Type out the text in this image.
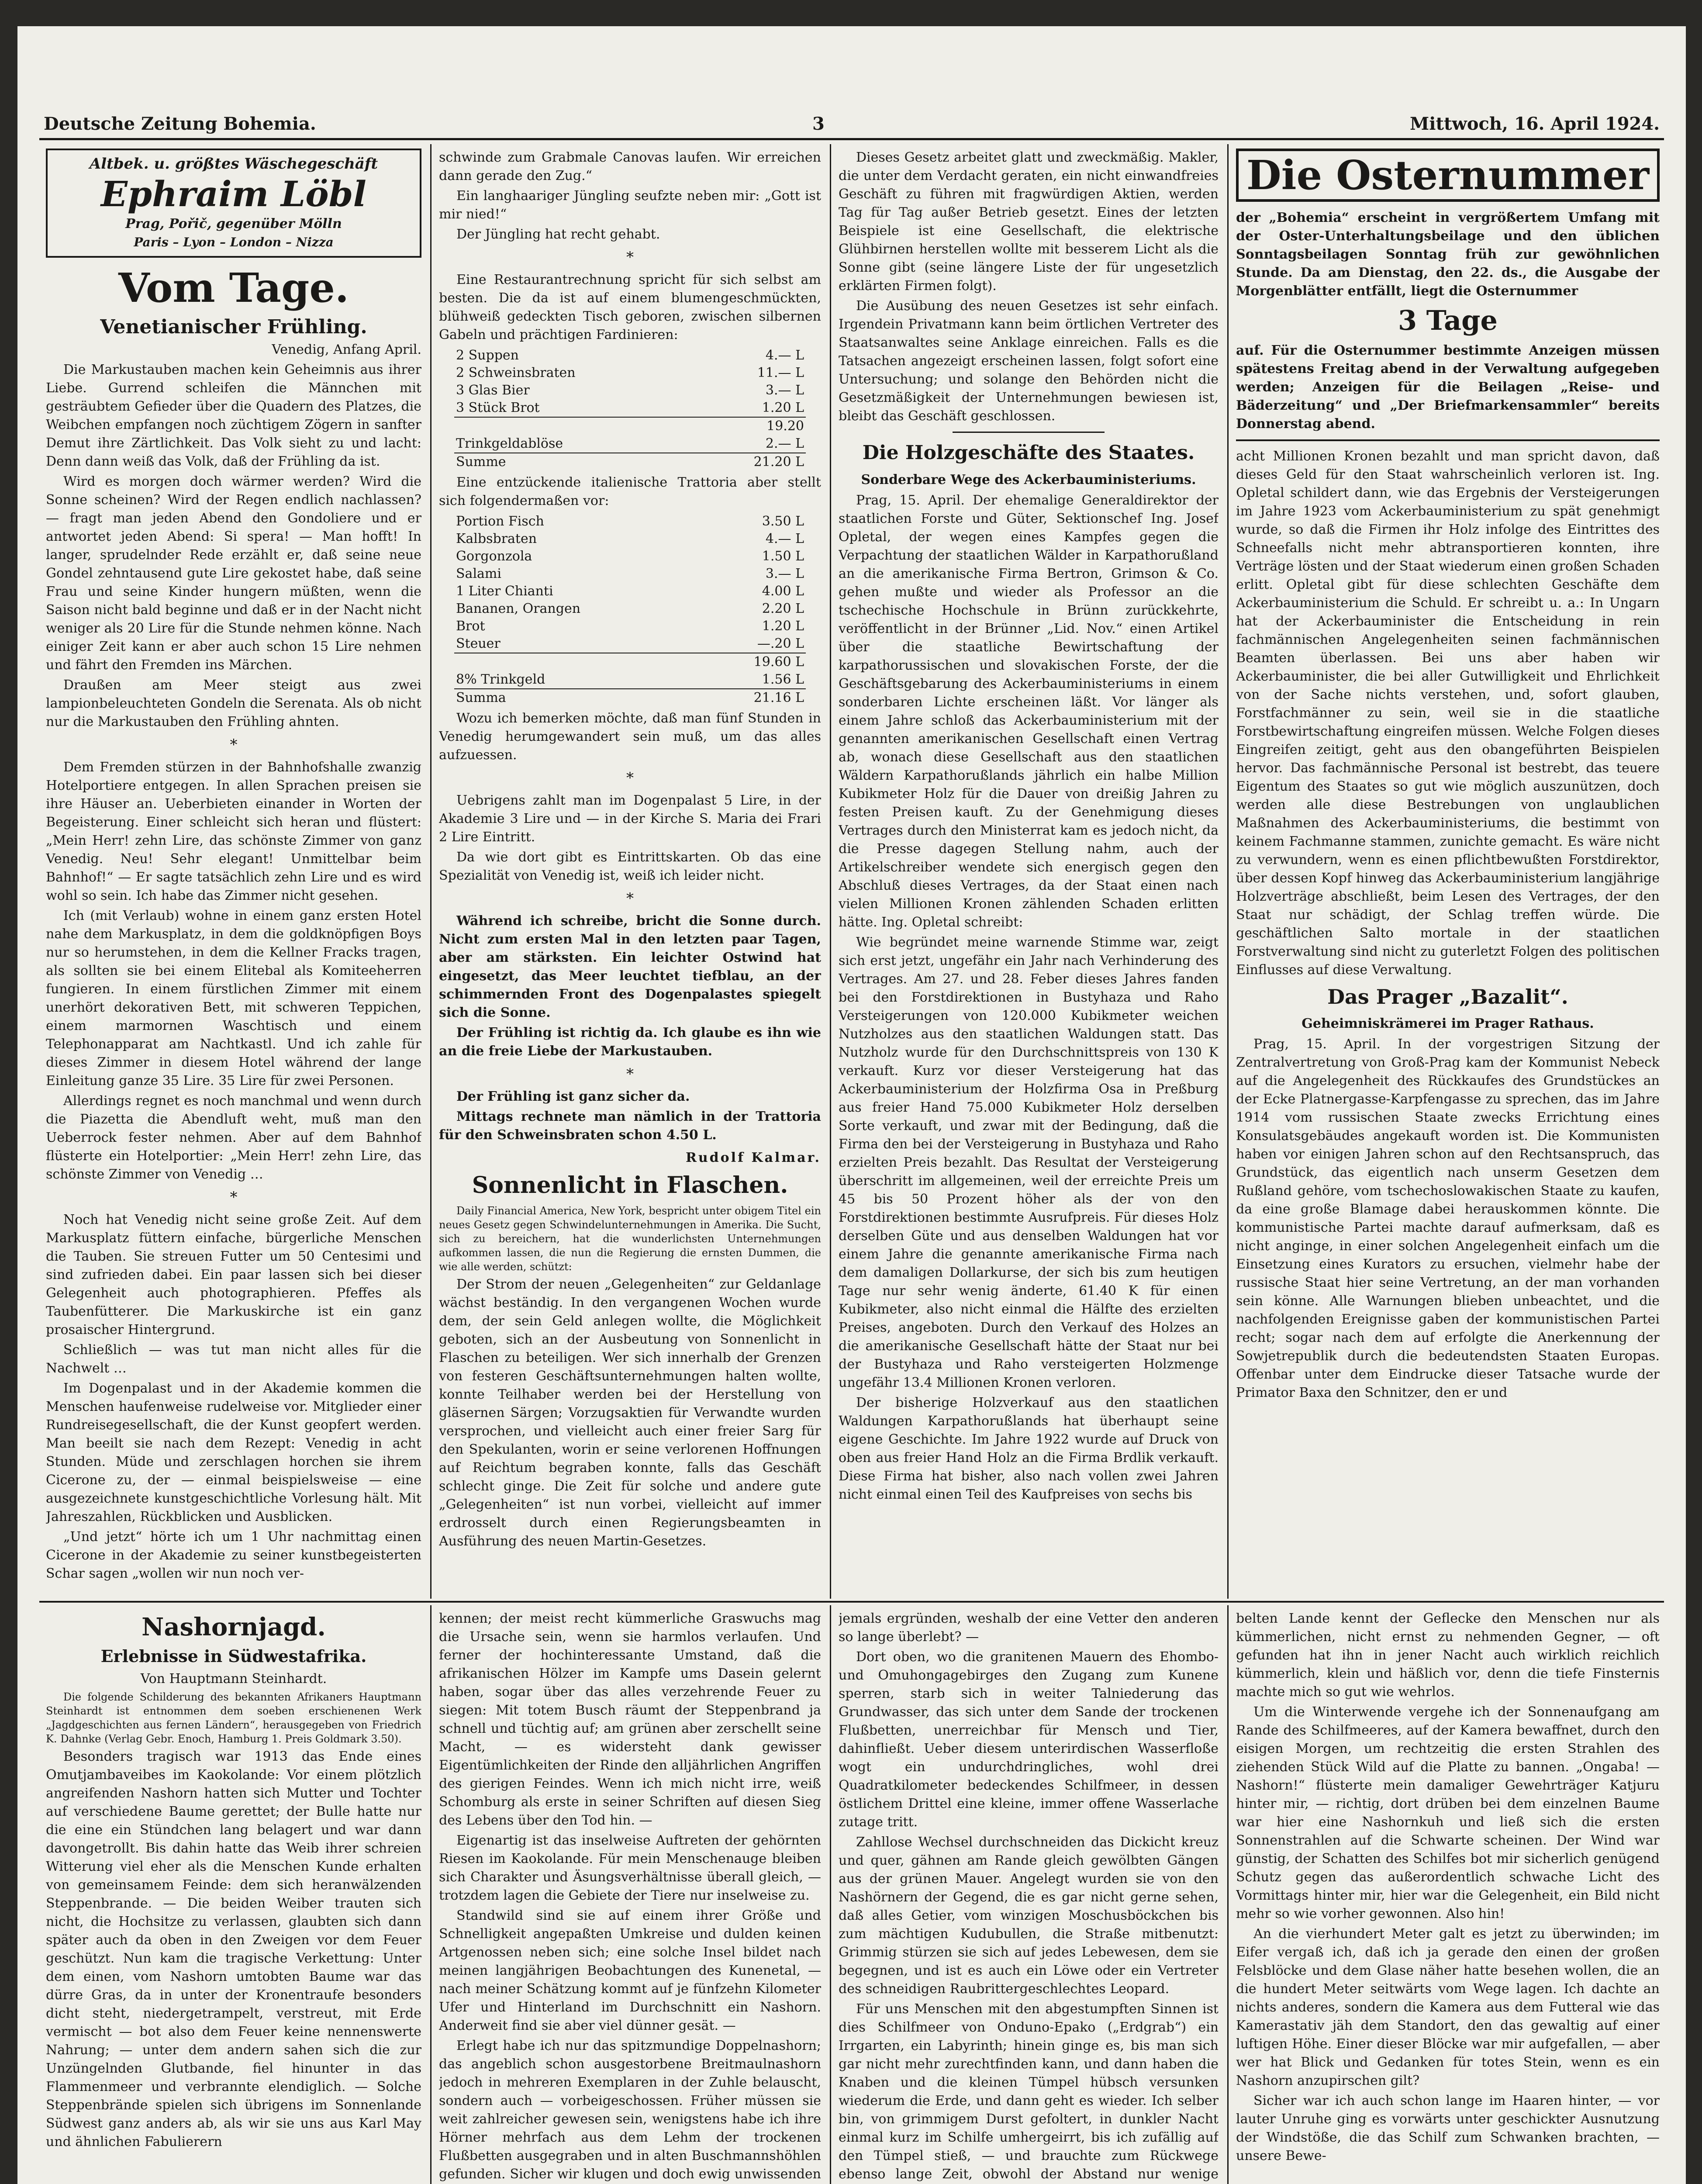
Deutsche Zeitung Bohemia.	3	Mittwoch, 16. April 1924.
Altbek. u. größtes Wäschegeschäft
Ephraim Löbl
Prag, Pořič, gegenüber Mölln
Paris – Lyon – London – Nizza
Vom Tage.
Venetianischer Frühling.

Venedig, Anfang April.

Die Markustauben machen kein Geheimnis aus ihrer Liebe. Gurrend schleifen die Männchen mit gesträubtem Gefieder über die Quadern des Platzes, die Weibchen empfangen noch züchtigem Zögern in sanfter Demut ihre Zärtlichkeit. Das Volk sieht zu und lacht: Denn dann weiß das Volk, daß der Frühling da ist.

Wird es morgen doch wärmer werden? Wird die Sonne scheinen? Wird der Regen endlich nachlassen? — fragt man jeden Abend den Gondoliere und er antwortet jeden Abend: Si spera! — Man hofft! In langer, sprudelnder Rede erzählt er, daß seine neue Gondel zehntausend gute Lire gekostet habe, daß seine Frau und seine Kinder hungern müßten, wenn die Saison nicht bald beginne und daß er in der Nacht nicht weniger als 20 Lire für die Stunde nehmen könne. Nach einiger Zeit kann er aber auch schon 15 Lire nehmen und fährt den Fremden ins Märchen.

Draußen am Meer steigt aus zwei lampionbeleuchteten Gondeln die Serenata. Als ob nicht nur die Markustauben den Frühling ahnten.

*

Dem Fremden stürzen in der Bahnhofshalle zwanzig Hotelportiere entgegen. In allen Sprachen preisen sie ihre Häuser an. Ueberbieten einander in Worten der Begeisterung. Einer schleicht sich heran und flüstert: „Mein Herr! zehn Lire, das schönste Zimmer von ganz Venedig. Neu! Sehr elegant! Unmittelbar beim Bahnhof!“ — Er sagte tatsächlich zehn Lire und es wird wohl so sein. Ich habe das Zimmer nicht gesehen.

Ich (mit Verlaub) wohne in einem ganz ersten Hotel nahe dem Markusplatz, in dem die goldknöpfigen Boys nur so herumstehen, in dem die Kellner Fracks tragen, als sollten sie bei einem Elitebal als Komiteeherren fungieren. In einem fürstlichen Zimmer mit einem unerhört dekorativen Bett, mit schweren Teppichen, einem marmornen Waschtisch und einem Telephonapparat am Nachtkastl. Und ich zahle für dieses Zimmer in diesem Hotel während der lange Einleitung ganze 35 Lire. 35 Lire für zwei Personen.

Allerdings regnet es noch manchmal und wenn durch die Piazetta die Abendluft weht, muß man den Ueberrock fester nehmen. Aber auf dem Bahnhof flüsterte ein Hotelportier: „Mein Herr! zehn Lire, das schönste Zimmer von Venedig …

*

Noch hat Venedig nicht seine große Zeit. Auf dem Markusplatz füttern einfache, bürgerliche Menschen die Tauben. Sie streuen Futter um 50 Centesimi und sind zufrieden dabei. Ein paar lassen sich bei dieser Gelegenheit auch photographieren. Pfeffes als Taubenfütterer. Die Markuskirche ist ein ganz prosaischer Hintergrund.

Schließlich — was tut man nicht alles für die Nachwelt …

Im Dogenpalast und in der Akademie kommen die Menschen haufenweise rudelweise vor. Mitglieder einer Rundreisegesellschaft, die der Kunst geopfert werden. Man beeilt sie nach dem Rezept: Venedig in acht Stunden. Müde und zerschlagen horchen sie ihrem Cicerone zu, der — einmal beispielsweise — eine ausgezeichnete kunstgeschichtliche Vorlesung hält. Mit Jahreszahlen, Rückblicken und Ausblicken.

„Und jetzt“ hörte ich um 1 Uhr nachmittag einen Cicerone in der Akademie zu seiner kunstbegeisterten Schar sagen „wollen wir nun noch ver-

schwinde zum Grabmale Canovas laufen. Wir erreichen dann gerade den Zug.“

Ein langhaariger Jüngling seufzte neben mir: „Gott ist mir nied!“

Der Jüngling hat recht gehabt.

*

Eine Restaurantrechnung spricht für sich selbst am besten. Die da ist auf einem blumengeschmückten, blühweiß gedeckten Tisch geboren, zwischen silbernen Gabeln und prächtigen Fardinieren:

2 Suppen	4.— L
2 Schweinsbraten	11.— L
3 Glas Bier	3.— L
3 Stück Brot	1.20 L
	19.20
Trinkgeldablöse	2.— L
Summe	21.20 L

Eine entzückende italienische Trattoria aber stellt sich folgendermaßen vor:

Portion Fisch	3.50 L
Kalbsbraten	4.— L
Gorgonzola	1.50 L
Salami	3.— L
1 Liter Chianti	4.00 L
Bananen, Orangen	2.20 L
Brot	1.20 L
Steuer	—.20 L
	19.60 L
8% Trinkgeld	1.56 L
Summa	21.16 L

Wozu ich bemerken möchte, daß man fünf Stunden in Venedig herumgewandert sein muß, um das alles aufzuessen.

*

Uebrigens zahlt man im Dogenpalast 5 Lire, in der Akademie 3 Lire und — in der Kirche S. Maria dei Frari 2 Lire Eintritt.

Da wie dort gibt es Eintrittskarten. Ob das eine Spezialität von Venedig ist, weiß ich leider nicht.

*

Während ich schreibe, bricht die Sonne durch. Nicht zum ersten Mal in den letzten paar Tagen, aber am stärksten. Ein leichter Ostwind hat eingesetzt, das Meer leuchtet tiefblau, an der schimmernden Front des Dogenpalastes spiegelt sich die Sonne.

Der Frühling ist richtig da. Ich glaube es ihn wie an die freie Liebe der Markustauben.

*

Der Frühling ist ganz sicher da.

Mittags rechnete man nämlich in der Trattoria für den Schweinsbraten schon 4.50 L.

Rudolf Kalmar.
Sonnenlicht in Flaschen.

Daily Financial America, New York, bespricht unter obigem Titel ein neues Gesetz gegen Schwindelunternehmungen in Amerika. Die Sucht, sich zu bereichern, hat die wunderlichsten Unternehmungen aufkommen lassen, die nun die Regierung die ernsten Dummen, die wie alle werden, schützt:

Der Strom der neuen „Gelegenheiten“ zur Geldanlage wächst beständig. In den vergangenen Wochen wurde dem, der sein Geld anlegen wollte, die Möglichkeit geboten, sich an der Ausbeutung von Sonnenlicht in Flaschen zu beteiligen. Wer sich innerhalb der Grenzen von festeren Geschäftsunternehmungen halten wollte, konnte Teilhaber werden bei der Herstellung von gläsernen Särgen; Vorzugsaktien für Verwandte wurden versprochen, und vielleicht auch einer freier Sarg für den Spekulanten, worin er seine verlorenen Hoffnungen auf Reichtum begraben konnte, falls das Geschäft schlecht ginge. Die Zeit für solche und andere gute „Gelegenheiten“ ist nun vorbei, vielleicht auf immer erdrosselt durch einen Regierungsbeamten in Ausführung des neuen Martin-Gesetzes.

Dieses Gesetz arbeitet glatt und zweckmäßig. Makler, die unter dem Verdacht geraten, ein nicht einwandfreies Geschäft zu führen mit fragwürdigen Aktien, werden Tag für Tag außer Betrieb gesetzt. Eines der letzten Beispiele ist eine Gesellschaft, die elektrische Glühbirnen herstellen wollte mit besserem Licht als die Sonne gibt (seine längere Liste der für ungesetzlich erklärten Firmen folgt).

Die Ausübung des neuen Gesetzes ist sehr einfach. Irgendein Privatmann kann beim örtlichen Vertreter des Staatsanwaltes seine Anklage einreichen. Falls es die Tatsachen angezeigt erscheinen lassen, folgt sofort eine Untersuchung; und solange den Behörden nicht die Gesetzmäßigkeit der Unternehmungen bewiesen ist, bleibt das Geschäft geschlossen.

Die Holzgeschäfte des Staates.
Sonderbare Wege des Ackerbauministeriums.

Prag, 15. April. Der ehemalige Generaldirektor der staatlichen Forste und Güter, Sektionschef Ing. Josef Opletal, der wegen eines Kampfes gegen die Verpachtung der staatlichen Wälder in Karpathorußland an die amerikanische Firma Bertron, Grimson & Co. gehen mußte und wieder als Professor an die tschechische Hochschule in Brünn zurückkehrte, veröffentlicht in der Brünner „Lid. Nov.“ einen Artikel über die staatliche Bewirtschaftung der karpathorussischen und slovakischen Forste, der die Geschäftsgebarung des Ackerbauministeriums in einem sonderbaren Lichte erscheinen läßt. Vor länger als einem Jahre schloß das Ackerbauministerium mit der genannten amerikanischen Gesellschaft einen Vertrag ab, wonach diese Gesellschaft aus den staatlichen Wäldern Karpathorußlands jährlich ein halbe Million Kubikmeter Holz für die Dauer von dreißig Jahren zu festen Preisen kauft. Zu der Genehmigung dieses Vertrages durch den Ministerrat kam es jedoch nicht, da die Presse dagegen Stellung nahm, auch der Artikelschreiber wendete sich energisch gegen den Abschluß dieses Vertrages, da der Staat einen nach vielen Millionen Kronen zählenden Schaden erlitten hätte. Ing. Opletal schreibt:

Wie begründet meine warnende Stimme war, zeigt sich erst jetzt, ungefähr ein Jahr nach Verhinderung des Vertrages. Am 27. und 28. Feber dieses Jahres fanden bei den Forstdirektionen in Bustyhaza und Raho Versteigerungen von 120.000 Kubikmeter weichen Nutzholzes aus den staatlichen Waldungen statt. Das Nutzholz wurde für den Durchschnittspreis von 130 K verkauft. Kurz vor dieser Versteigerung hat das Ackerbauministerium der Holzfirma Osa in Preßburg aus freier Hand 75.000 Kubikmeter Holz derselben Sorte verkauft, und zwar mit der Bedingung, daß die Firma den bei der Versteigerung in Bustyhaza und Raho erzielten Preis bezahlt. Das Resultat der Versteigerung überschritt im allgemeinen, weil der erreichte Preis um 45 bis 50 Prozent höher als der von den Forstdirektionen bestimmte Ausrufpreis. Für dieses Holz derselben Güte und aus denselben Waldungen hat vor einem Jahre die genannte amerikanische Firma nach dem damaligen Dollarkurse, der sich bis zum heutigen Tage nur sehr wenig änderte, 61.40 K für einen Kubikmeter, also nicht einmal die Hälfte des erzielten Preises, angeboten. Durch den Verkauf des Holzes an die amerikanische Gesellschaft hätte der Staat nur bei der Bustyhaza und Raho versteigerten Holzmenge ungefähr 13.4 Millionen Kronen verloren.

Der bisherige Holzverkauf aus den staatlichen Waldungen Karpathorußlands hat überhaupt seine eigene Geschichte. Im Jahre 1922 wurde auf Druck von oben aus freier Hand Holz an die Firma Brdlik verkauft. Diese Firma hat bisher, also nach vollen zwei Jahren nicht einmal einen Teil des Kaufpreises von sechs bis

Die Osternummer

der „Bohemia“ erscheint in vergrößertem Umfang mit der Oster-Unterhaltungsbeilage und den üblichen Sonntagsbeilagen Sonntag früh zur gewöhnlichen Stunde. Da am Dienstag, den 22. ds., die Ausgabe der Morgenblätter entfällt, liegt die Osternummer

3 Tage

auf. Für die Osternummer bestimmte Anzeigen müssen spätestens Freitag abend in der Verwaltung aufgegeben werden; Anzeigen für die Beilagen „Reise- und Bäderzeitung“ und „Der Briefmarkensammler“ bereits Donnerstag abend.

acht Millionen Kronen bezahlt und man spricht davon, daß dieses Geld für den Staat wahrscheinlich verloren ist. Ing. Opletal schildert dann, wie das Ergebnis der Versteigerungen im Jahre 1923 vom Ackerbauministerium zu spät genehmigt wurde, so daß die Firmen ihr Holz infolge des Eintrittes des Schneefalls nicht mehr abtransportieren konnten, ihre Verträge lösten und der Staat wiederum einen großen Schaden erlitt. Opletal gibt für diese schlechten Geschäfte dem Ackerbauministerium die Schuld. Er schreibt u. a.: In Ungarn hat der Ackerbauminister die Entscheidung in rein fachmännischen Angelegenheiten seinen fachmännischen Beamten überlassen. Bei uns aber haben wir Ackerbauminister, die bei aller Gutwilligkeit und Ehrlichkeit von der Sache nichts verstehen, und, sofort glauben, Forstfachmänner zu sein, weil sie in die staatliche Forstbewirtschaftung eingreifen müssen. Welche Folgen dieses Eingreifen zeitigt, geht aus den obangeführten Beispielen hervor. Das fachmännische Personal ist bestrebt, das teuere Eigentum des Staates so gut wie möglich auszunützen, doch werden alle diese Bestrebungen von unglaublichen Maßnahmen des Ackerbauministeriums, die bestimmt von keinem Fachmanne stammen, zunichte gemacht. Es wäre nicht zu verwundern, wenn es einen pflichtbewußten Forstdirektor, über dessen Kopf hinweg das Ackerbauministerium langjährige Holzverträge abschließt, beim Lesen des Vertrages, der den Staat nur schädigt, der Schlag treffen würde. Die geschäftlichen Salto mortale in der staatlichen Forstverwaltung sind nicht zu guterletzt Folgen des politischen Einflusses auf diese Verwaltung.

Das Prager „Bazalit“.
Geheimniskrämerei im Prager Rathaus.

Prag, 15. April. In der vorgestrigen Sitzung der Zentralvertretung von Groß-Prag kam der Kommunist Nebeck auf die Angelegenheit des Rückkaufes des Grundstückes an der Ecke Platnergasse-Karpfengasse zu sprechen, das im Jahre 1914 vom russischen Staate zwecks Errichtung eines Konsulatsgebäudes angekauft worden ist. Die Kommunisten haben vor einigen Jahren schon auf den Rechtsanspruch, das Grundstück, das eigentlich nach unserm Gesetzen dem Rußland gehöre, vom tschechoslowakischen Staate zu kaufen, da eine große Blamage dabei herauskommen könnte. Die kommunistische Partei machte darauf aufmerksam, daß es nicht anginge, in einer solchen Angelegenheit einfach um die Einsetzung eines Kurators zu ersuchen, vielmehr habe der russische Staat hier seine Vertretung, an der man vorhanden sein könne. Alle Warnungen blieben unbeachtet, und die nachfolgenden Ereignisse gaben der kommunistischen Partei recht; sogar nach dem auf erfolgte die Anerkennung der Sowjetrepublik durch die bedeutendsten Staaten Europas. Offenbar unter dem Eindrucke dieser Tatsache wurde der Primator Baxa den Schnitzer, den er und

Nashornjagd.
Erlebnisse in Südwestafrika.

Von Hauptmann Steinhardt.

Die folgende Schilderung des bekannten Afrikaners Hauptmann Steinhardt ist entnommen dem soeben erschienenen Werk „Jagdgeschichten aus fernen Ländern“, herausgegeben von Friedrich K. Dahnke (Verlag Gebr. Enoch, Hamburg 1. Preis Goldmark 3.50).

Besonders tragisch war 1913 das Ende eines Omutjambaveibes im Kaokolande: Vor einem plötzlich angreifenden Nashorn hatten sich Mutter und Tochter auf verschiedene Baume gerettet; der Bulle hatte nur die eine ein Stündchen lang belagert und war dann davongetrollt. Bis dahin hatte das Weib ihrer schreien Witterung viel eher als die Menschen Kunde erhalten von gemeinsamem Feinde: dem sich heranwälzenden Steppenbrande. — Die beiden Weiber trauten sich nicht, die Hochsitze zu verlassen, glaubten sich dann später auch da oben in den Zweigen vor dem Feuer geschützt. Nun kam die tragische Verkettung: Unter dem einen, vom Nashorn umtobten Baume war das dürre Gras, da in unter der Kronentraufe besonders dicht steht, niedergetrampelt, verstreut, mit Erde vermischt — bot also dem Feuer keine nennenswerte Nahrung; — unter dem andern sahen sich die zur Unzüngelnden Glutbande, fiel hinunter in das Flammenmeer und verbrannte elendiglich. — Solche Steppenbrände spielen sich übrigens im Sonnenlande Südwest ganz anders ab, als wir sie uns aus Karl May und ähnlichen Fabulierern

kennen; der meist recht kümmerliche Graswuchs mag die Ursache sein, wenn sie harmlos verlaufen. Und ferner der hochinteressante Umstand, daß die afrikanischen Hölzer im Kampfe ums Dasein gelernt haben, sogar über das alles verzehrende Feuer zu siegen: Mit totem Busch räumt der Steppenbrand ja schnell und tüchtig auf; am grünen aber zerschellt seine Macht, — es widersteht dank gewisser Eigentümlichkeiten der Rinde den alljährlichen Angriffen des gierigen Feindes. Wenn ich mich nicht irre, weiß Schomburg als erste in seiner Schriften auf diesen Sieg des Lebens über den Tod hin. —

Eigenartig ist das inselweise Auftreten der gehörnten Riesen im Kaokolande. Für mein Menschenauge bleiben sich Charakter und Äsungsverhältnisse überall gleich, — trotzdem lagen die Gebiete der Tiere nur inselweise zu.

Standwild sind sie auf einem ihrer Größe und Schnelligkeit angepaßten Umkreise und dulden keinen Artgenossen neben sich; eine solche Insel bildet nach meinen langjährigen Beobachtungen des Kunenetal, — nach meiner Schätzung kommt auf je fünfzehn Kilometer Ufer und Hinterland im Durchschnitt ein Nashorn. Anderweit find sie aber viel dünner gesät. —

Erlegt habe ich nur das spitzmundige Doppelnashorn; das angeblich schon ausgestorbene Breitmaulnashorn jedoch in mehreren Exemplaren in der Zuhle belauscht, sondern auch — vorbeigeschossen. Früher müssen sie weit zahlreicher gewesen sein, wenigstens habe ich ihre Hörner mehrfach aus dem Lehm der trockenen Flußbetten ausgegraben und in alten Buschmannshöhlen gefunden. Sicher wir klugen und doch ewig unwissenden

jemals ergründen, weshalb der eine Vetter den anderen so lange überlebt? —

Dort oben, wo die granitenen Mauern des Ehombo- und Omuhongagebirges den Zugang zum Kunene sperren, starb sich in weiter Talniederung das Grundwasser, das sich unter dem Sande der trockenen Flußbetten, unerreichbar für Mensch und Tier, dahinfließt. Ueber diesem unterirdischen Wasserfloße wogt ein undurchdringliches, wohl drei Quadratkilometer bedeckendes Schilfmeer, in dessen östlichem Drittel eine kleine, immer offene Wasserlache zutage tritt.

Zahllose Wechsel durchschneiden das Dickicht kreuz und quer, gähnen am Rande gleich gewölbten Gängen aus der grünen Mauer. Angelegt wurden sie von den Nashörnern der Gegend, die es gar nicht gerne sehen, daß alles Getier, vom winzigen Moschusböckchen bis zum mächtigen Kudubullen, die Straße mitbenutzt: Grimmig stürzen sie sich auf jedes Lebewesen, dem sie begegnen, und ist es auch ein Löwe oder ein Vertreter des schneidigen Raubrittergeschlechtes Leopard.

Für uns Menschen mit den abgestumpften Sinnen ist dies Schilfmeer von Onduno-Epako („Erdgrab“) ein Irrgarten, ein Labyrinth; hinein ginge es, bis man sich gar nicht mehr zurechtfinden kann, und dann haben die Knaben und die kleinen Tümpel hübsch versunken wiederum die Erde, und dann geht es wieder. Ich selber bin, von grimmigem Durst gefoltert, in dunkler Nacht einmal kurz im Schilfe umhergeirrt, bis ich zufällig auf den Tümpel stieß, — und brauchte zum Rückwege ebenso lange Zeit, obwohl der Abstand nur wenige

belten Lande kennt der Geflecke den Menschen nur als kümmerlichen, nicht ernst zu nehmenden Gegner, — oft gefunden hat ihn in jener Nacht auch wirklich reichlich kümmerlich, klein und häßlich vor, denn die tiefe Finsternis machte mich so gut wie wehrlos.

Um die Winterwende vergehe ich der Sonnenaufgang am Rande des Schilfmeeres, auf der Kamera bewaffnet, durch den eisigen Morgen, um rechtzeitig die ersten Strahlen des ziehenden Stück Wild auf die Platte zu bannen. „Ongaba! — Nashorn!“ flüsterte mein damaliger Gewehrträger Katjuru hinter mir, — richtig, dort drüben bei dem einzelnen Baume war hier eine Nashornkuh und ließ sich die ersten Sonnenstrahlen auf die Schwarte scheinen. Der Wind war günstig, der Schatten des Schilfes bot mir sicherlich genügend Schutz gegen das außerordentlich schwache Licht des Vormittags hinter mir, hier war die Gelegenheit, ein Bild nicht mehr so wie vorher gewonnen. Also hin!

An die vierhundert Meter galt es jetzt zu überwinden; im Eifer vergaß ich, daß ich ja gerade den einen der großen Felsblöcke und dem Glase näher hatte besehen wollen, die an die hundert Meter seitwärts vom Wege lagen. Ich dachte an nichts anderes, sondern die Kamera aus dem Futteral wie das Kamerastativ jäh dem Standort, den das gewaltig auf einer luftigen Höhe. Einer dieser Blöcke war mir aufgefallen, — aber wer hat Blick und Gedanken für totes Stein, wenn es ein Nashorn anzupirschen gilt?

Sicher war ich auch schon lange im Haaren hinter, — vor lauter Unruhe ging es vorwärts unter geschickter Ausnutzung der Windstöße, die das Schilf zum Schwanken brachten, — unsere Bewe-
